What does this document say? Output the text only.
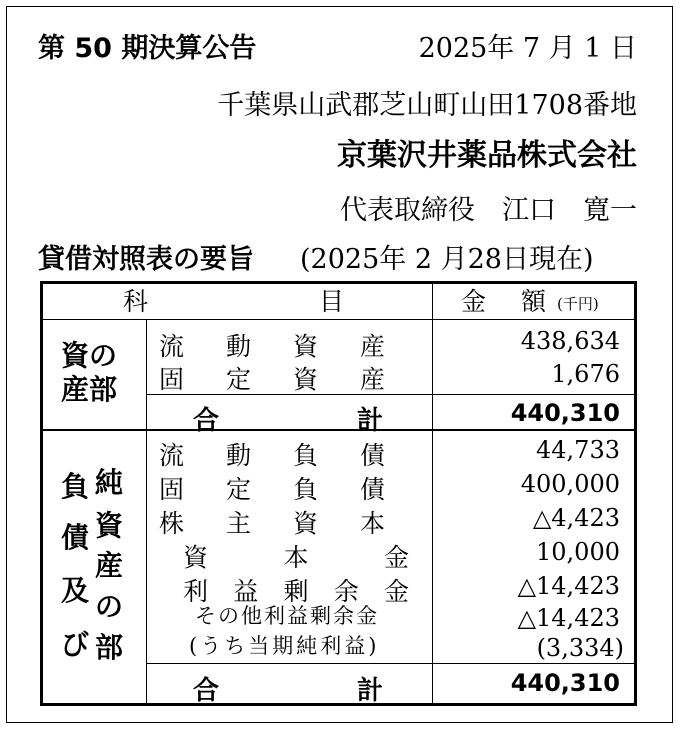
第 50 期決算公告	2025年 7 月 1 日
千葉県山武郡芝山町山田1708番地
京葉沢井薬品株式会社
代表取締役　江口　寛一
貸借対照表の要旨 (2025年 2 月28日現在)
科	目	金 額 (千円)
資の
産部
流 動 資 産	438,634
固 定 資 産	1,676
合	計	440,310
負
債
及
び
純
資
産
の
部
流 動 負 債	44,733
固 定 負 債	400,000
株 主 資 本	△4,423
資	本	金	10,000
利 益 剰 余 金	△14,423
その他利益剰余金	△14,423
(うち当期純利益)	(3,334)
合	計	440,310
